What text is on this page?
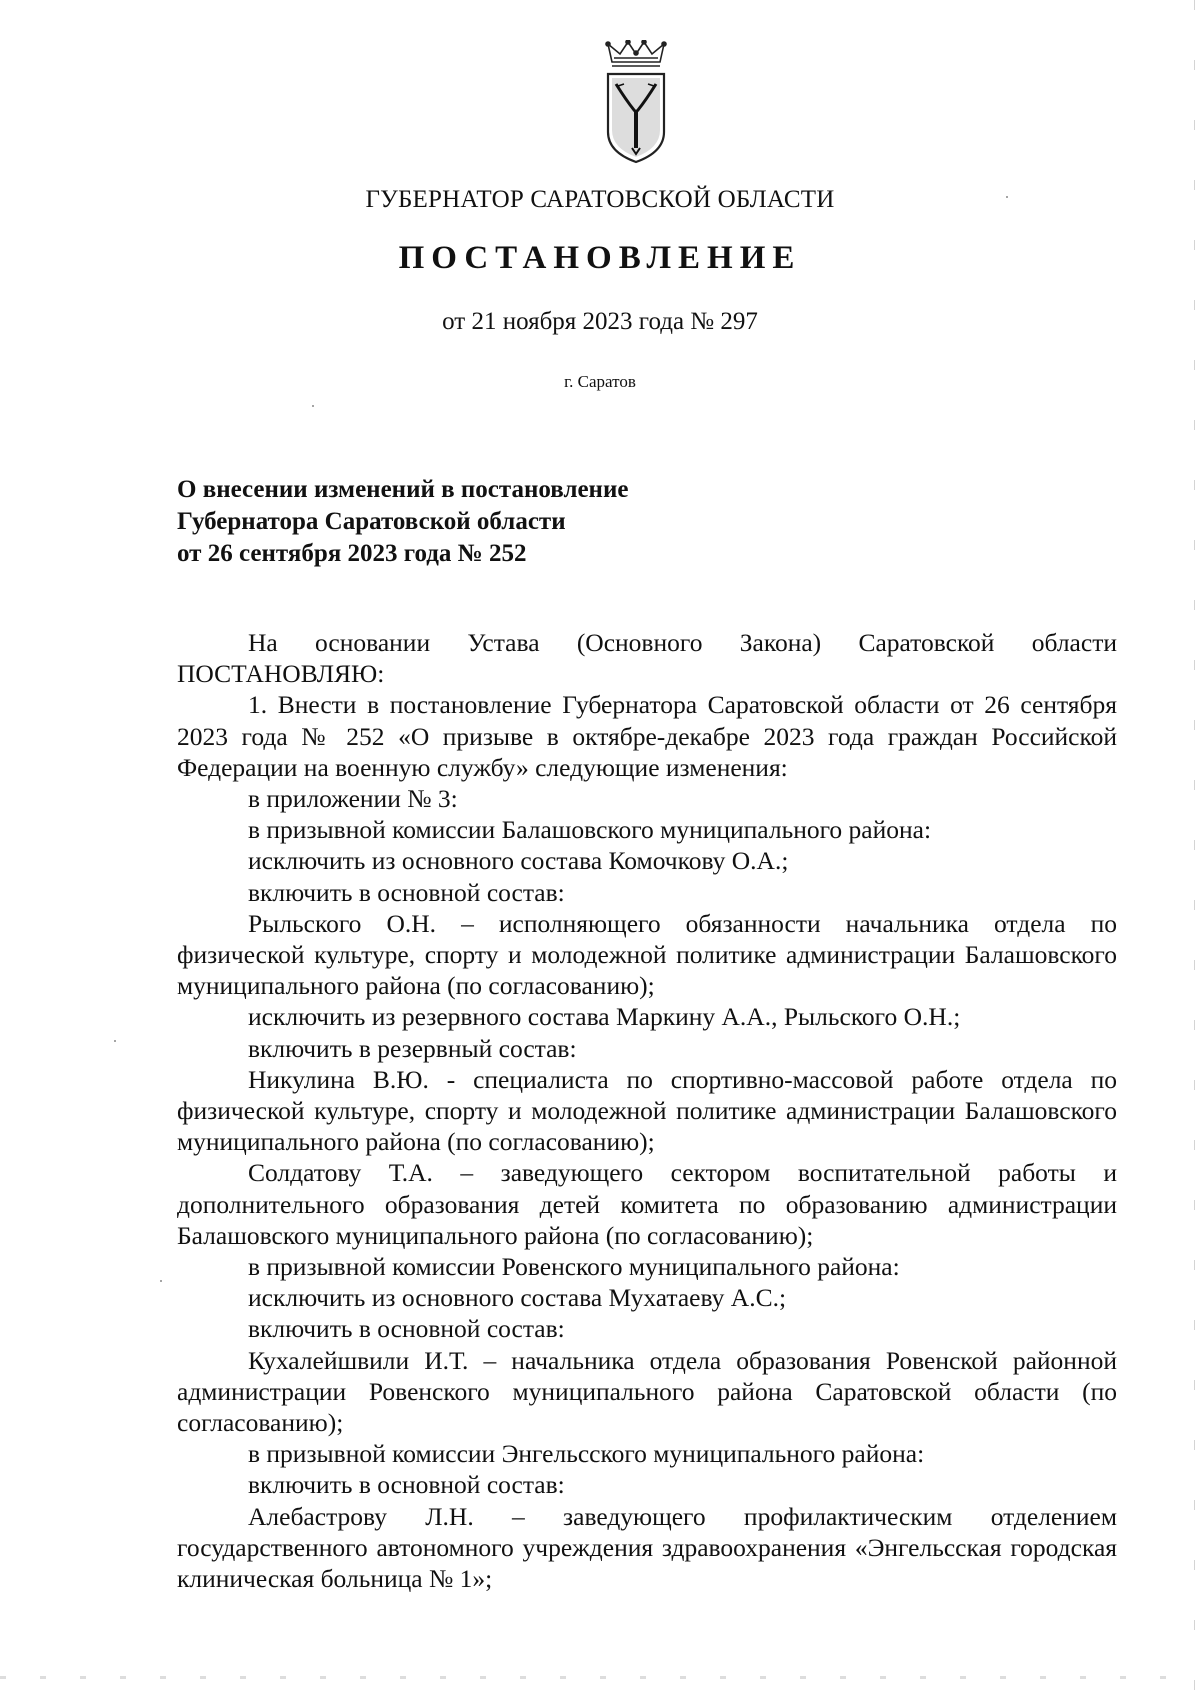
ГУБЕРНАТОР САРАТОВСКОЙ ОБЛАСТИ
ПОСТАНОВЛЕНИЕ

от 21 ноября 2023 года № 297

г. Саратов

О внесении изменений в постановление
Губернатора Саратовской области
от 26 сентября 2023 года № 252

На основании Устава (Основного Закона) Саратовской области ПОСТАНОВЛЯЮ:

1. Внести в постановление Губернатора Саратовской области от 26 сентября 2023 года № 252 «О призыве в октябре-декабре 2023 года граждан Российской Федерации на военную службу» следующие изменения:

в приложении № 3:

в призывной комиссии Балашовского муниципального района:

исключить из основного состава Комочкову О.А.;

включить в основной состав:

Рыльского О.Н. – исполняющего обязанности начальника отдела по физической культуре, спорту и молодежной политике администрации Балашовского муниципального района (по согласованию);

исключить из резервного состава Маркину А.А., Рыльского О.Н.;

включить в резервный состав:

Никулина В.Ю. - специалиста по спортивно-массовой работе отдела по физической культуре, спорту и молодежной политике администрации Балашовского муниципального района (по согласованию);

Солдатову Т.А. – заведующего сектором воспитательной работы и дополнительного образования детей комитета по образованию администрации Балашовского муниципального района (по согласованию);

в призывной комиссии Ровенского муниципального района:

исключить из основного состава Мухатаеву А.С.;

включить в основной состав:

Кухалейшвили И.Т. – начальника отдела образования Ровенской районной администрации Ровенского муниципального района Саратовской области (по согласованию);

в призывной комиссии Энгельсского муниципального района:

включить в основной состав:

Алебастрову Л.Н. – заведующего профилактическим отделением государственного автономного учреждения здравоохранения «Энгельсская городская клиническая больница № 1»;
